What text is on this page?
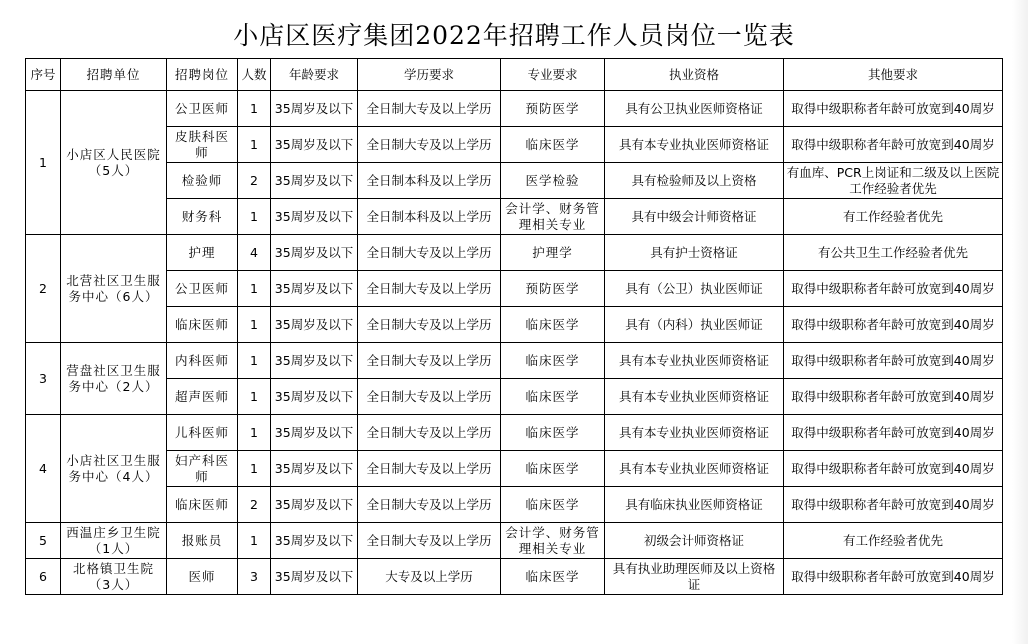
小店区医疗集团2022年招聘工作人员岗位一览表
序号	招聘单位	招聘岗位	人数	年龄要求	学历要求	专业要求	执业资格	其他要求
1	小店区人民医院（5人）	公卫医师	1	35周岁及以下	全日制大专及以上学历	预防医学	具有公卫执业医师资格证	取得中级职称者年龄可放宽到40周岁
		皮肤科医师	1	35周岁及以下	全日制大专及以上学历	临床医学	具有本专业执业医师资格证	取得中级职称者年龄可放宽到40周岁
		检验师	2	35周岁及以下	全日制本科及以上学历	医学检验	具有检验师及以上资格	有血库、PCR上岗证和二级及以上医院工作经验者优先
		财务科	1	35周岁及以下	全日制本科及以上学历	会计学、财务管理相关专业	具有中级会计师资格证	有工作经验者优先
2	北营社区卫生服务中心（6人）	护理	4	35周岁及以下	全日制大专及以上学历	护理学	具有护士资格证	有公共卫生工作经验者优先
		公卫医师	1	35周岁及以下	全日制大专及以上学历	预防医学	具有（公卫）执业医师证	取得中级职称者年龄可放宽到40周岁
		临床医师	1	35周岁及以下	全日制大专及以上学历	临床医学	具有（内科）执业医师证	取得中级职称者年龄可放宽到40周岁
3	营盘社区卫生服务中心（2人）	内科医师	1	35周岁及以下	全日制大专及以上学历	临床医学	具有本专业执业医师资格证	取得中级职称者年龄可放宽到40周岁
		超声医师	1	35周岁及以下	全日制大专及以上学历	临床医学	具有本专业执业医师资格证	取得中级职称者年龄可放宽到40周岁
4	小店社区卫生服务中心（4人）	儿科医师	1	35周岁及以下	全日制大专及以上学历	临床医学	具有本专业执业医师资格证	取得中级职称者年龄可放宽到40周岁
		妇产科医师	1	35周岁及以下	全日制大专及以上学历	临床医学	具有本专业执业医师资格证	取得中级职称者年龄可放宽到40周岁
		临床医师	2	35周岁及以下	全日制大专及以上学历	临床医学	具有临床执业医师资格证	取得中级职称者年龄可放宽到40周岁
5	西温庄乡卫生院（1人）	报账员	1	35周岁及以下	全日制大专及以上学历	会计学、财务管理相关专业	初级会计师资格证	有工作经验者优先
6	北格镇卫生院（3人）	医师	3	35周岁及以下	大专及以上学历	临床医学	具有执业助理医师及以上资格证	取得中级职称者年龄可放宽到40周岁
